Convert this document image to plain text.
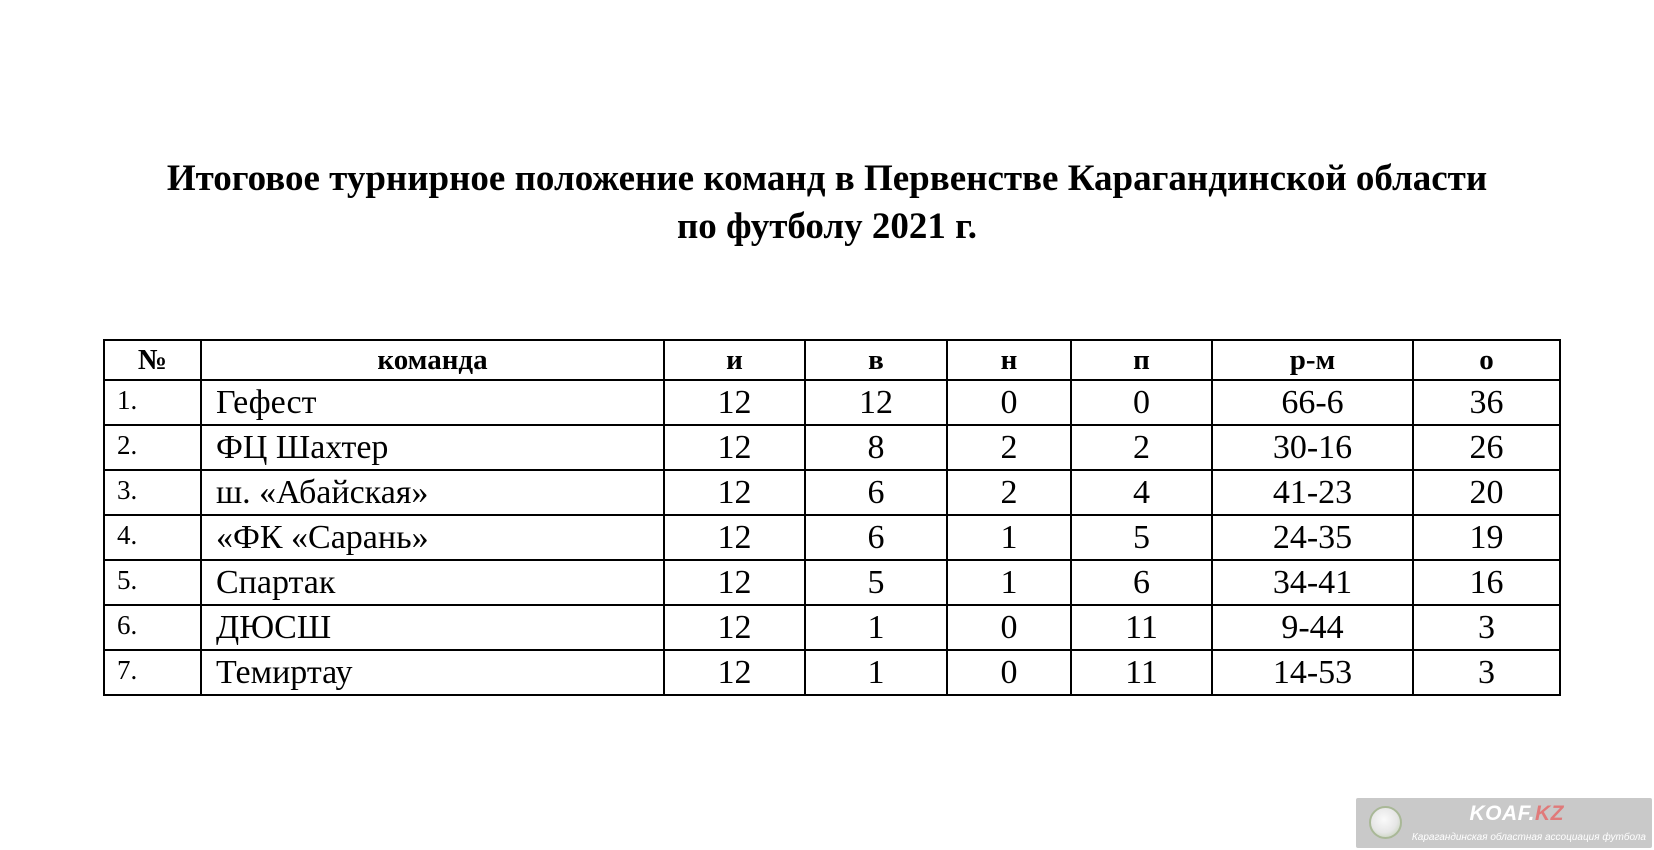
Итоговое турнирное положение команд в Первенстве Карагандинской области
по футболу 2021 г.
№	команда	и	в	н	п	р-м	о
1.	Гефест	12	12	0	0	66-6	36
2.	ФЦ Шахтер	12	8	2	2	30-16	26
3.	ш. «Абайская»	12	6	2	4	41-23	20
4.	«ФК «Сарань»	12	6	1	5	24-35	19
5.	Спартак	12	5	1	6	34-41	16
6.	ДЮСШ	12	1	0	11	9-44	3
7.	Темиртау	12	1	0	11	14-53	3
KOAF.KZ
Карагандинская областная ассоциация футбола
